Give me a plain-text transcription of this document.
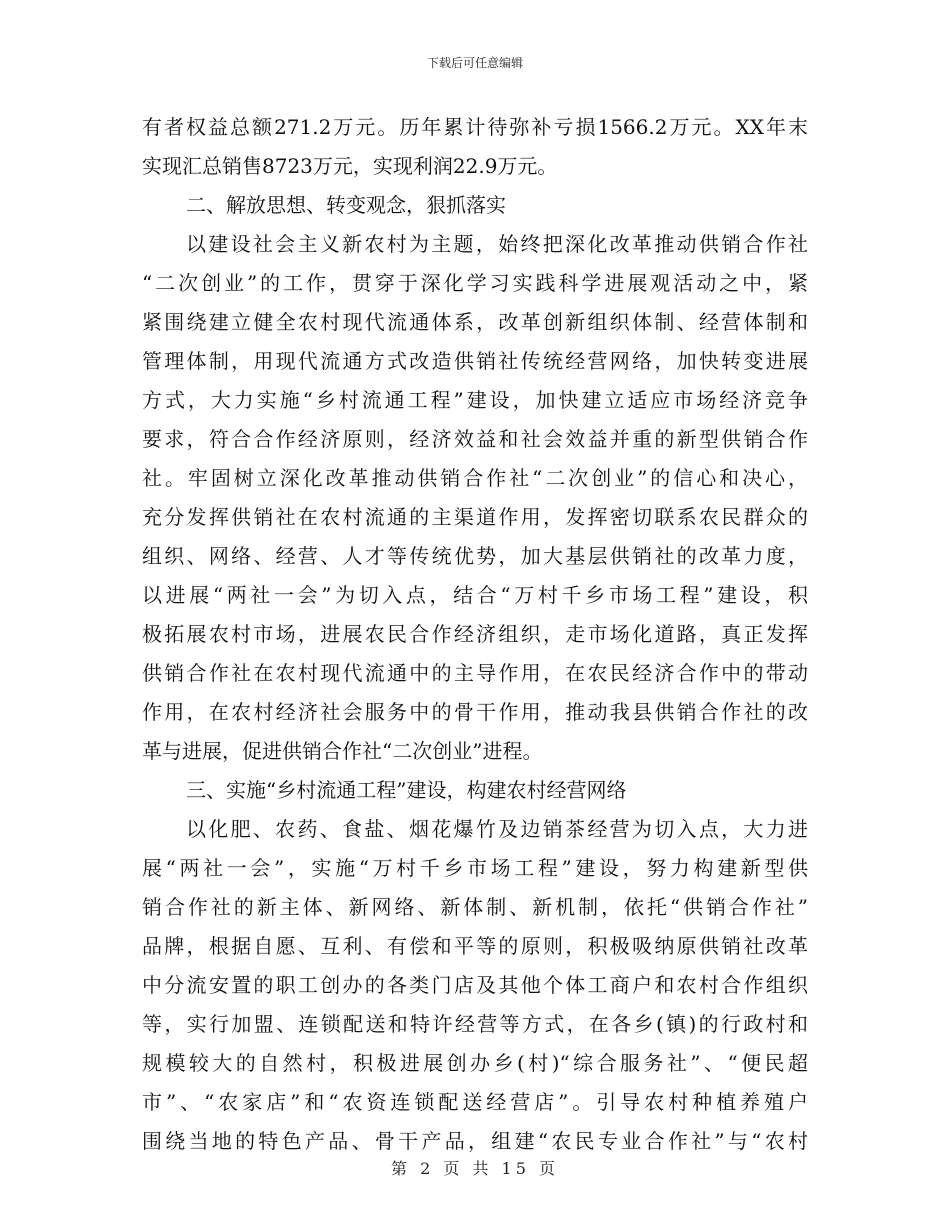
下载后可任意编辑
有者权益总额271.2万元。历年累计待弥补亏损1566.2万元。XX年末
实现汇总销售8723万元，实现利润22.9万元。
二、解放思想、转变观念，狠抓落实
以建设社会主义新农村为主题，始终把深化改革推动供销合作社
“二次创业”的工作，贯穿于深化学习实践科学进展观活动之中，紧
紧围绕建立健全农村现代流通体系，改革创新组织体制、经营体制和
管理体制，用现代流通方式改造供销社传统经营网络，加快转变进展
方式，大力实施“乡村流通工程”建设，加快建立适应市场经济竞争
要求，符合合作经济原则，经济效益和社会效益并重的新型供销合作
社。牢固树立深化改革推动供销合作社“二次创业”的信心和决心，
充分发挥供销社在农村流通的主渠道作用，发挥密切联系农民群众的
组织、网络、经营、人才等传统优势，加大基层供销社的改革力度，
以进展“两社一会”为切入点，结合“万村千乡市场工程”建设，积
极拓展农村市场，进展农民合作经济组织，走市场化道路，真正发挥
供销合作社在农村现代流通中的主导作用，在农民经济合作中的带动
作用，在农村经济社会服务中的骨干作用，推动我县供销合作社的改
革与进展，促进供销合作社“二次创业”进程。
三、实施“乡村流通工程”建设，构建农村经营网络
以化肥、农药、食盐、烟花爆竹及边销茶经营为切入点，大力进
展“两社一会”，实施“万村千乡市场工程”建设，努力构建新型供
销合作社的新主体、新网络、新体制、新机制，依托“供销合作社”
品牌，根据自愿、互利、有偿和平等的原则，积极吸纳原供销社改革
中分流安置的职工创办的各类门店及其他个体工商户和农村合作组织
等，实行加盟、连锁配送和特许经营等方式，在各乡(镇)的行政村和
规模较大的自然村，积极进展创办乡(村)“综合服务社”、“便民超
市”、“农家店”和“农资连锁配送经营店”。引导农村种植养殖户
围绕当地的特色产品、骨干产品，组建“农民专业合作社”与“农村
第 2 页 共 15 页
